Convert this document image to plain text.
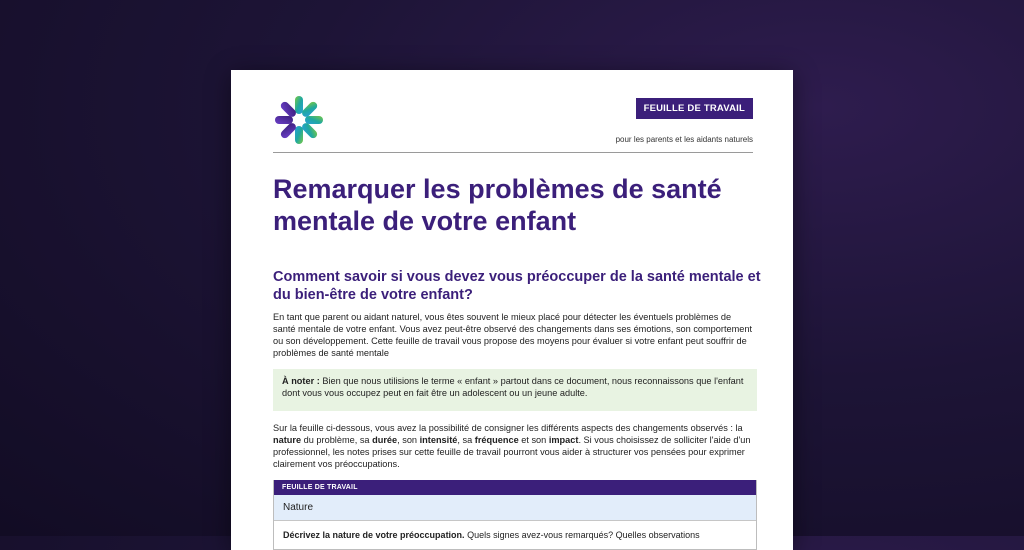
FEUILLE DE TRAVAIL
pour les parents et les aidants naturels
Remarquer les problèmes de santé mentale de votre enfant
Comment savoir si vous devez vous préoccuper de la santé mentale et du bien-être de votre enfant?
En tant que parent ou aidant naturel, vous êtes souvent le mieux placé pour détecter les éventuels problèmes de santé mentale de votre enfant. Vous avez peut-être observé des changements dans ses émotions, son comportement ou son développement. Cette feuille de travail vous propose des moyens pour évaluer si votre enfant peut souffrir de problèmes de santé mentale
À noter : Bien que nous utilisions le terme « enfant » partout dans ce document, nous reconnaissons que l'enfant dont vous vous occupez peut en fait être un adolescent ou un jeune adulte.
Sur la feuille ci-dessous, vous avez la possibilité de consigner les différents aspects des changements observés : la nature du problème, sa durée, son intensité, sa fréquence et son impact. Si vous choisissez de solliciter l'aide d'un professionnel, les notes prises sur cette feuille de travail pourront vous aider à structurer vos pensées pour exprimer clairement vos préoccupations.
FEUILLE DE TRAVAIL
Nature
Décrivez la nature de votre préoccupation. Quels signes avez-vous remarqués? Quelles observations
